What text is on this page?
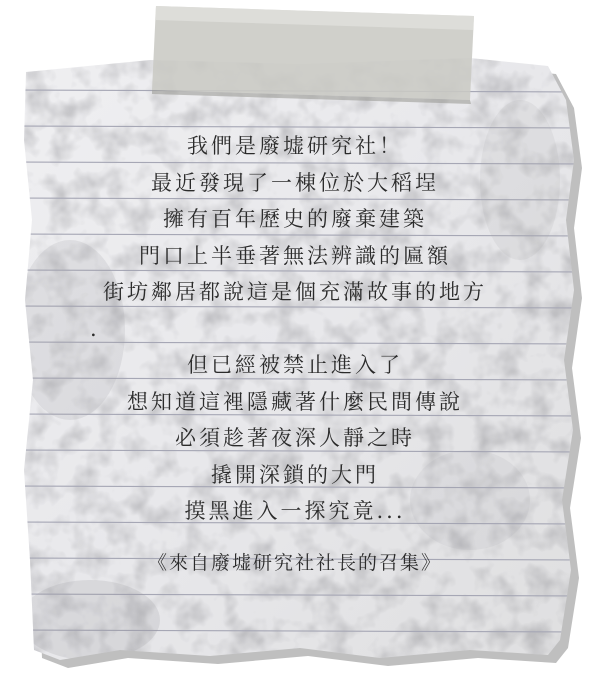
我們是廢墟研究社！
最近發現了一棟位於大稻埕
擁有百年歷史的廢棄建築
門口上半垂著無法辨識的匾額
街坊鄰居都說這是個充滿故事的地方
.
但已經被禁止進入了
想知道這裡隱藏著什麼民間傳說
必須趁著夜深人靜之時
撬開深鎖的大門
摸黑進入一探究竟...
《來自廢墟研究社社長的召集》
